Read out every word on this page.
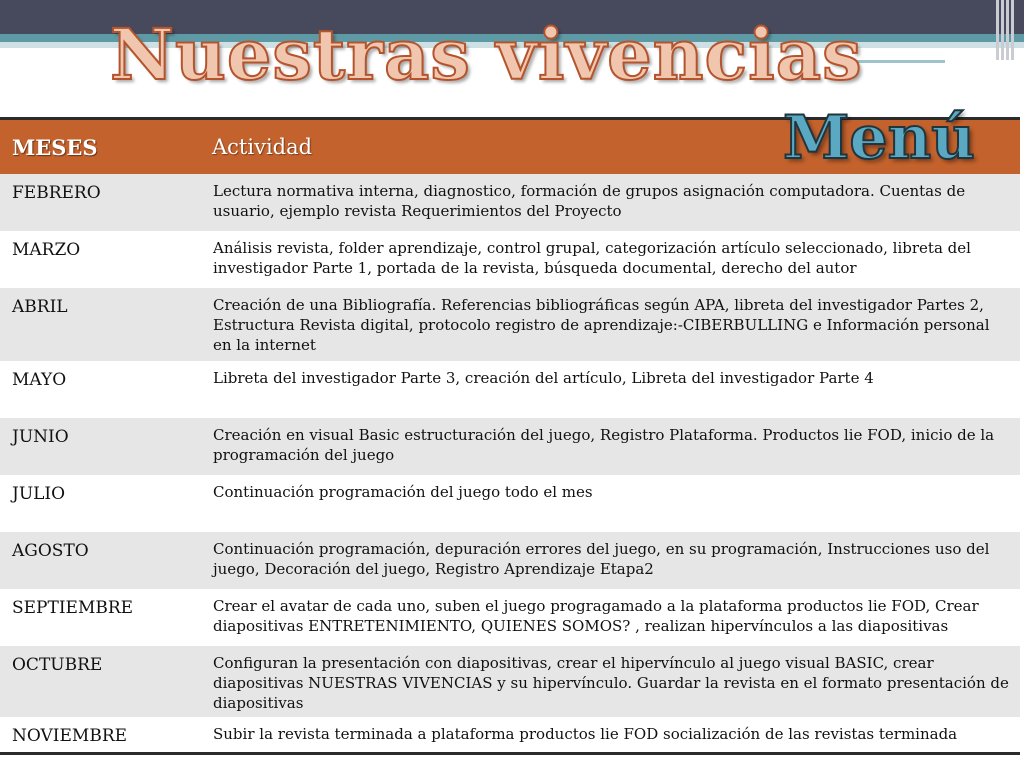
Nuestras vivencias
MESES	Actividad
FEBRERO	Lectura normativa interna, diagnostico, formación de grupos asignación computadora. Cuentas de usuario, ejemplo revista Requerimientos del Proyecto
MARZO	Análisis revista, folder aprendizaje, control grupal, categorización artículo seleccionado, libreta del investigador Parte 1, portada de la revista, búsqueda documental, derecho del autor
ABRIL	Creación de una Bibliografía. Referencias bibliográficas según APA, libreta del investigador Partes 2, Estructura Revista digital, protocolo registro de aprendizaje:-CIBERBULLING e Información personal en la internet
MAYO	Libreta del investigador Parte 3, creación del artículo, Libreta del investigador Parte 4
JUNIO	Creación en visual Basic estructuración del juego, Registro Plataforma. Productos lie FOD, inicio de la programación del juego
JULIO	Continuación programación del juego todo el mes
AGOSTO	Continuación programación, depuración errores del juego, en su programación, Instrucciones uso del juego, Decoración del juego, Registro Aprendizaje Etapa2
SEPTIEMBRE	Crear el avatar de cada uno, suben el juego progragamado a la plataforma productos lie FOD, Crear diapositivas ENTRETENIMIENTO, QUIENES SOMOS? , realizan hipervínculos a las diapositivas
OCTUBRE	Configuran la presentación con diapositivas, crear el hipervínculo al juego visual BASIC, crear diapositivas NUESTRAS VIVENCIAS y su hipervínculo. Guardar la revista en el formato presentación de diapositivas
NOVIEMBRE	Subir la revista terminada a plataforma productos lie FOD socialización de las revistas terminada
Menú
